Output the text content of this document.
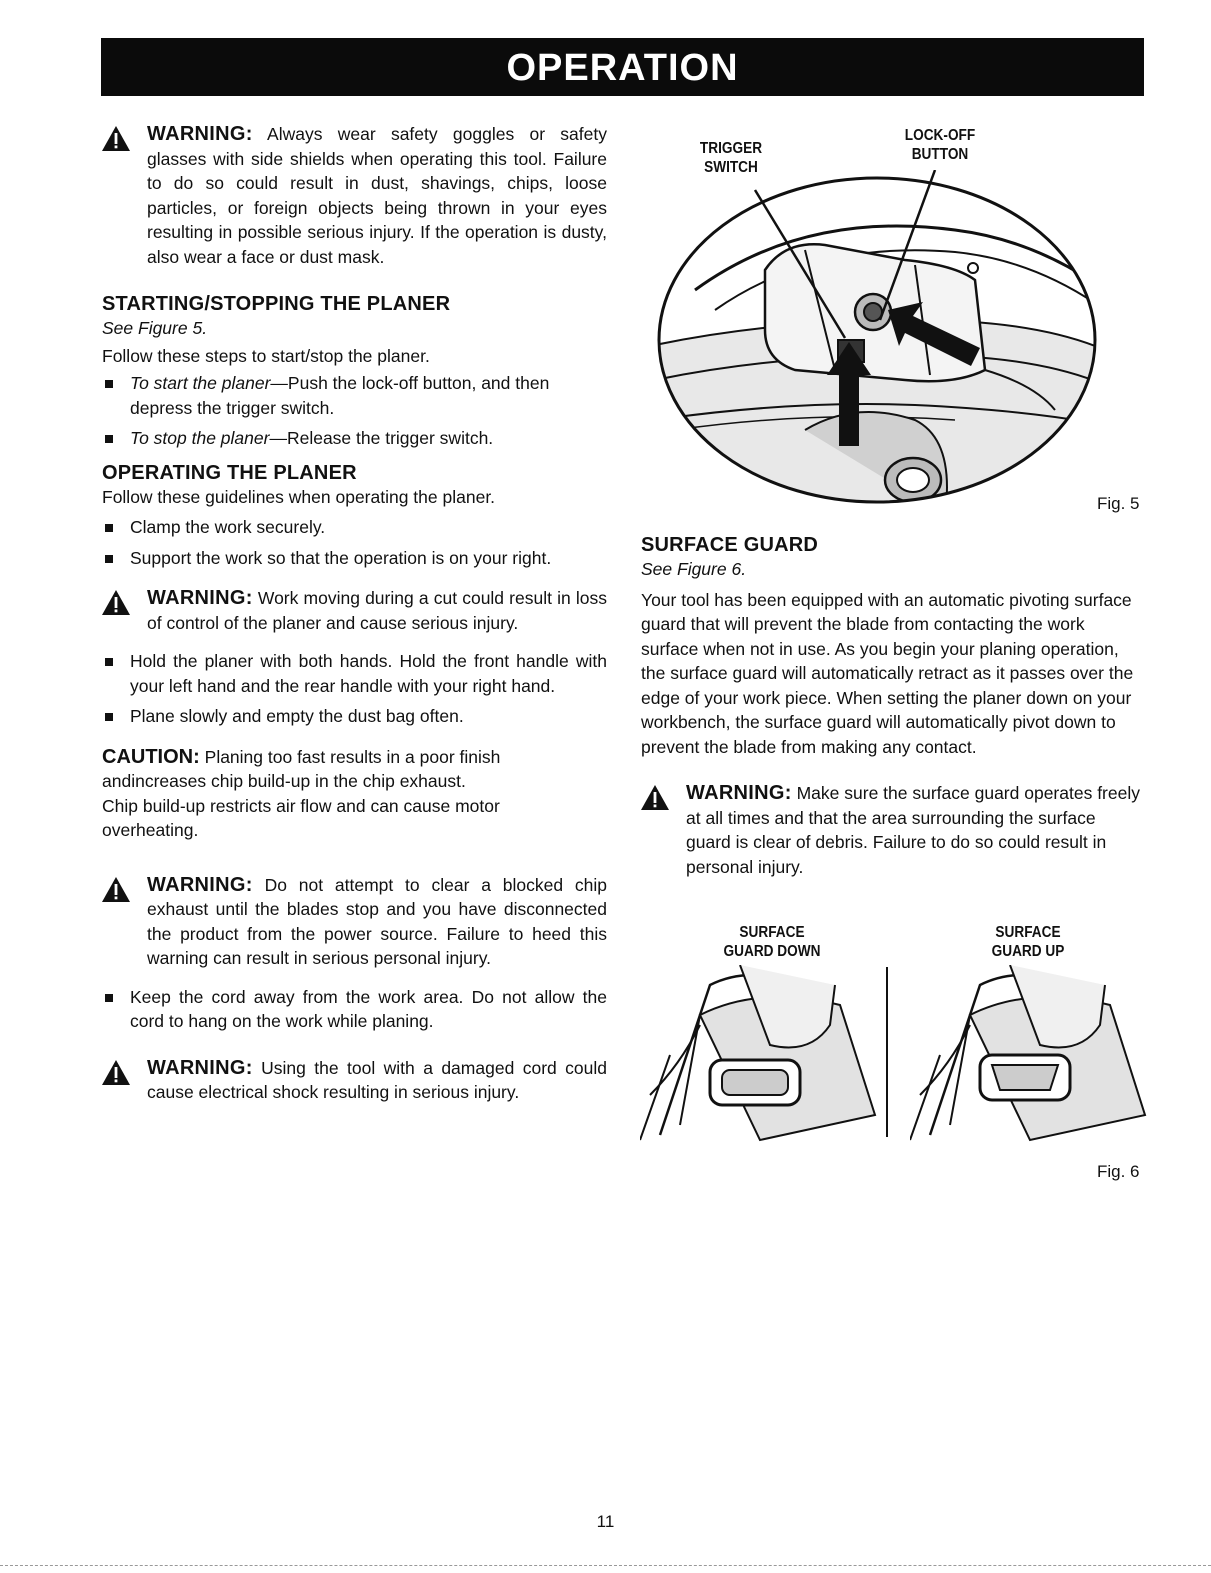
OPERATION

WARNING: Always wear safety goggles or safety glasses with side shields when operating this tool. Failure to do so could result in dust, shavings, chips, loose particles, or foreign objects being thrown in your eyes resulting in possible serious injury. If the operation is dusty, also wear a face or dust mask.

STARTING/STOPPING THE PLANER

See Figure 5.

Follow these steps to start/stop the planer.

To start the planer—Push the lock-off button, and then depress the trigger switch.
To stop the planer—Release the trigger switch.
OPERATING THE PLANER

Follow these guidelines when operating the planer.

Clamp the work securely.
Support the work so that the operation is on your right.

WARNING: Work moving during a cut could result in loss of control of the planer and cause serious injury.

Hold the planer with both hands. Hold the front handle with your left hand and the rear handle with your right hand.
Plane slowly and empty the dust bag often.

CAUTION: Planing too fast results in a poor finish andincreases chip build-up in the chip exhaust.

Chip build-up restricts air flow and can cause motor overheating.

WARNING: Do not attempt to clear a blocked chip exhaust until the blades stop and you have disconnected the product from the power source. Failure to heed this warning can result in serious personal injury.

Keep the cord away from the work area. Do not allow the cord to hang on the work while planing.

WARNING: Using the tool with a damaged cord could cause electrical shock resulting in serious injury.

TRIGGER
SWITCH
LOCK-OFF
BUTTON
Fig. 5
SURFACE GUARD

See Figure 6.

Your tool has been equipped with an automatic pivoting surface guard that will prevent the blade from contacting the work surface when not in use. As you begin your planing operation, the surface guard will automatically retract as it passes over the edge of your work piece. When setting the planer down on your workbench, the surface guard will automatically pivot down to prevent the blade from making any contact.

WARNING: Make sure the surface guard operates freely at all times and that the area surrounding the surface guard is clear of debris. Failure to do so could result in personal injury.

SURFACE
GUARD DOWN
SURFACE
GUARD UP
Fig. 6
11
